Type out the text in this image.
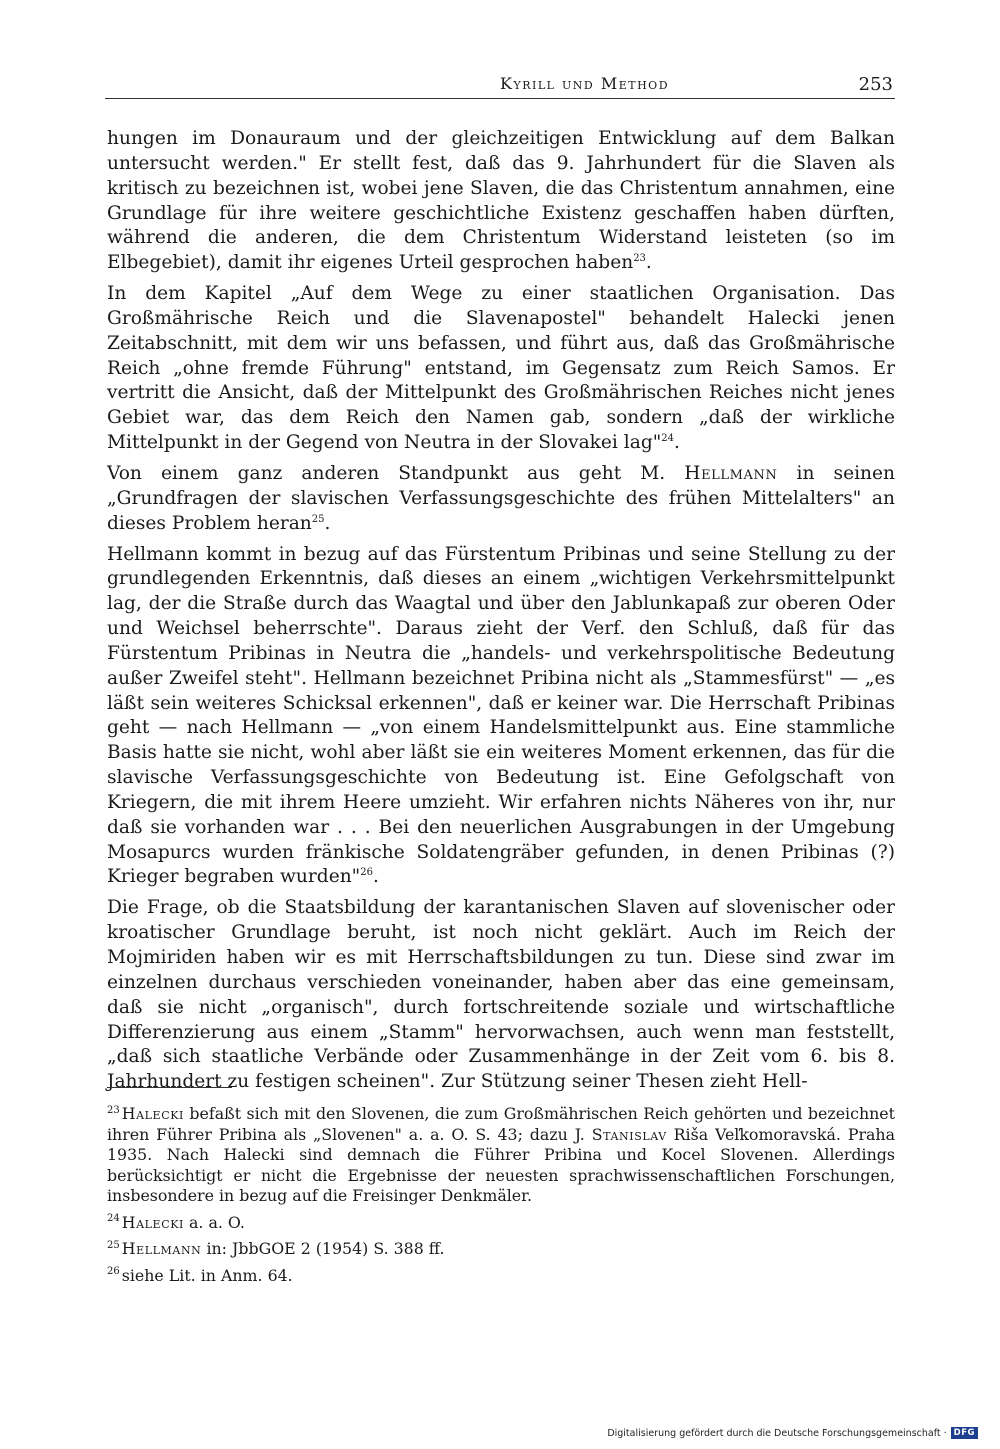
Kyrill und Method	253

hungen im Donauraum und der gleichzeitigen Entwicklung auf dem Balkan untersucht werden." Er stellt fest, daß das 9. Jahrhundert für die Slaven als kritisch zu bezeichnen ist, wobei jene Slaven, die das Christentum annahmen, eine Grundlage für ihre weitere geschichtliche Existenz geschaffen haben dürften, während die anderen, die dem Christentum Widerstand leisteten (so im Elbegebiet), damit ihr eigenes Urteil gesprochen haben$^{23}$.

In dem Kapitel „Auf dem Wege zu einer staatlichen Organisation. Das Großmährische Reich und die Slavenapostel" behandelt Halecki jenen Zeitabschnitt, mit dem wir uns befassen, und führt aus, daß das Großmährische Reich „ohne fremde Führung" entstand, im Gegensatz zum Reich Samos. Er vertritt die Ansicht, daß der Mittelpunkt des Großmährischen Reiches nicht jenes Gebiet war, das dem Reich den Namen gab, sondern „daß der wirkliche Mittelpunkt in der Gegend von Neutra in der Slovakei lag"$^{24}$.

Von einem ganz anderen Standpunkt aus geht M. Hellmann in seinen „Grundfragen der slavischen Verfassungsgeschichte des frühen Mittelalters" an dieses Problem heran$^{25}$.

Hellmann kommt in bezug auf das Fürstentum Pribinas und seine Stellung zu der grundlegenden Erkenntnis, daß dieses an einem „wichtigen Verkehrsmittelpunkt lag, der die Straße durch das Waagtal und über den Jablunkapaß zur oberen Oder und Weichsel beherrschte". Daraus zieht der Verf. den Schluß, daß für das Fürstentum Pribinas in Neutra die „handels- und verkehrspolitische Bedeutung außer Zweifel steht". Hellmann bezeichnet Pribina nicht als „Stammesfürst" — „es läßt sein weiteres Schicksal erkennen", daß er keiner war. Die Herrschaft Pribinas geht — nach Hellmann — „von einem Handelsmittelpunkt aus. Eine stammliche Basis hatte sie nicht, wohl aber läßt sie ein weiteres Moment erkennen, das für die slavische Verfassungsgeschichte von Bedeutung ist. Eine Gefolgschaft von Kriegern, die mit ihrem Heere umzieht. Wir erfahren nichts Näheres von ihr, nur daß sie vorhanden war . . . Bei den neuerlichen Ausgrabungen in der Umgebung Mosapurcs wurden fränkische Soldatengräber gefunden, in denen Pribinas (?) Krieger begraben wurden"$^{26}$.

Die Frage, ob die Staatsbildung der karantanischen Slaven auf slovenischer oder kroatischer Grundlage beruht, ist noch nicht geklärt. Auch im Reich der Mojmiriden haben wir es mit Herrschaftsbildungen zu tun. Diese sind zwar im einzelnen durchaus verschieden voneinander, haben aber das eine gemeinsam, daß sie nicht „organisch", durch fortschreitende soziale und wirtschaftliche Differenzierung aus einem „Stamm" hervorwachsen, auch wenn man feststellt, „daß sich staatliche Verbände oder Zusammenhänge in der Zeit vom 6. bis 8. Jahrhundert zu festigen scheinen". Zur Stützung seiner Thesen zieht Hell-

$^{23}$ Halecki befaßt sich mit den Slovenen, die zum Großmährischen Reich gehörten und bezeichnet ihren Führer Pribina als „Slovenen" a. a. O. S. 43; dazu J. Stanislav Riša Veľkomoravská. Praha 1935. Nach Halecki sind demnach die Führer Pribina und Kocel Slovenen. Allerdings berücksichtigt er nicht die Ergebnisse der neuesten sprachwissenschaftlichen Forschungen, insbesondere in bezug auf die Freisinger Denkmäler.

$^{24}$ Halecki a. a. O.

$^{25}$ Hellmann in: JbbGOE 2 (1954) S. 388 ff.

$^{26}$ siehe Lit. in Anm. 64.

Digitalisierung gefördert durch die Deutsche Forschungsgemeinschaft · DFG
